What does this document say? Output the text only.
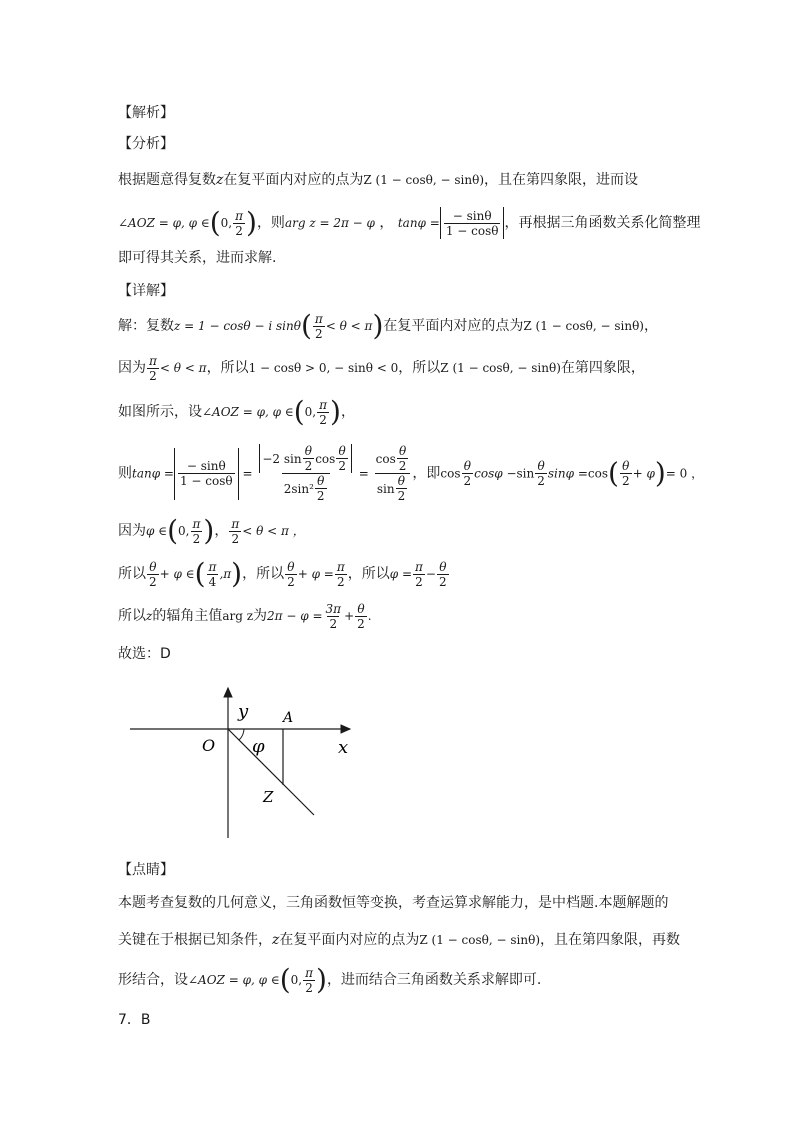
【解析】
【分析】
根据题意得复数z在复平面内对应的点为Z (1 − cosθ, − sinθ)，且在第四象限，进而设
∠AOZ = φ, φ ∈(0, $\frac{\pi}{2}$ )，则arg z = 2π − φ ， $\tan\varphi = \frac{- \sin\theta}{1 - \cos\theta}$ ，再根据三角函数关系化简整理
即可得其关系，进而求解.
【详解】
解：复数z = 1 − cosθ − i $\sin\theta( \frac{\pi}{2} < \theta < \pi)$在复平面内对应的点为Z (1 − cosθ, − sinθ)，
因为 $\frac{\pi}{2} < \theta < \pi$，所以1 − cosθ > 0, − sinθ < 0，所以Z (1 − cosθ, − sinθ)在第四象限，
如图所示，设∠AOZ = φ, φ ∈(0, $\frac{\pi}{2}$ )，
则$\tan\varphi = \frac{- \sin\theta}{1 - \cos\theta} = \frac{-2 \sin \frac{\theta}{2} \cos \frac{\theta}{2}}{2\sin^2 \frac{\theta}{2}} = \frac{\cos \frac{\theta}{2}}{\sin \frac{\theta}{2}}$ ，即$\cos \frac{\theta}{2}$ $\cos\varphi -\sin \frac{\theta}{2}$ $\sin\varphi =\cos( \frac{\theta}{2} + \varphi)= 0$ ，
因为φ ∈(0, $\frac{\pi}{2}$ )， $\frac{\pi}{2} < \theta < \pi$ ，
所以 $\frac{\theta}{2} + \varphi$ ∈( $\frac{\pi}{4} ,\pi$)，所以 $\frac{\theta}{2} + \varphi = \frac{\pi}{2}$ ，所以$\varphi = \frac{\pi}{2} - \frac{\theta}{2}$
所以z的辐角主值arg z为$2\pi - \varphi = \frac{3\pi}{2} + \frac{\theta}{2}$ .
故选：D
y
x
O
A
Z
φ
【点睛】
本题考查复数的几何意义，三角函数恒等变换，考查运算求解能力，是中档题.本题解题的
关键在于根据已知条件，z在复平面内对应的点为Z (1 − cosθ, − sinθ)，且在第四象限，再数
形结合，设∠AOZ = φ, φ ∈(0, $\frac{\pi}{2}$ )，进而结合三角函数关系求解即可.
7．B
